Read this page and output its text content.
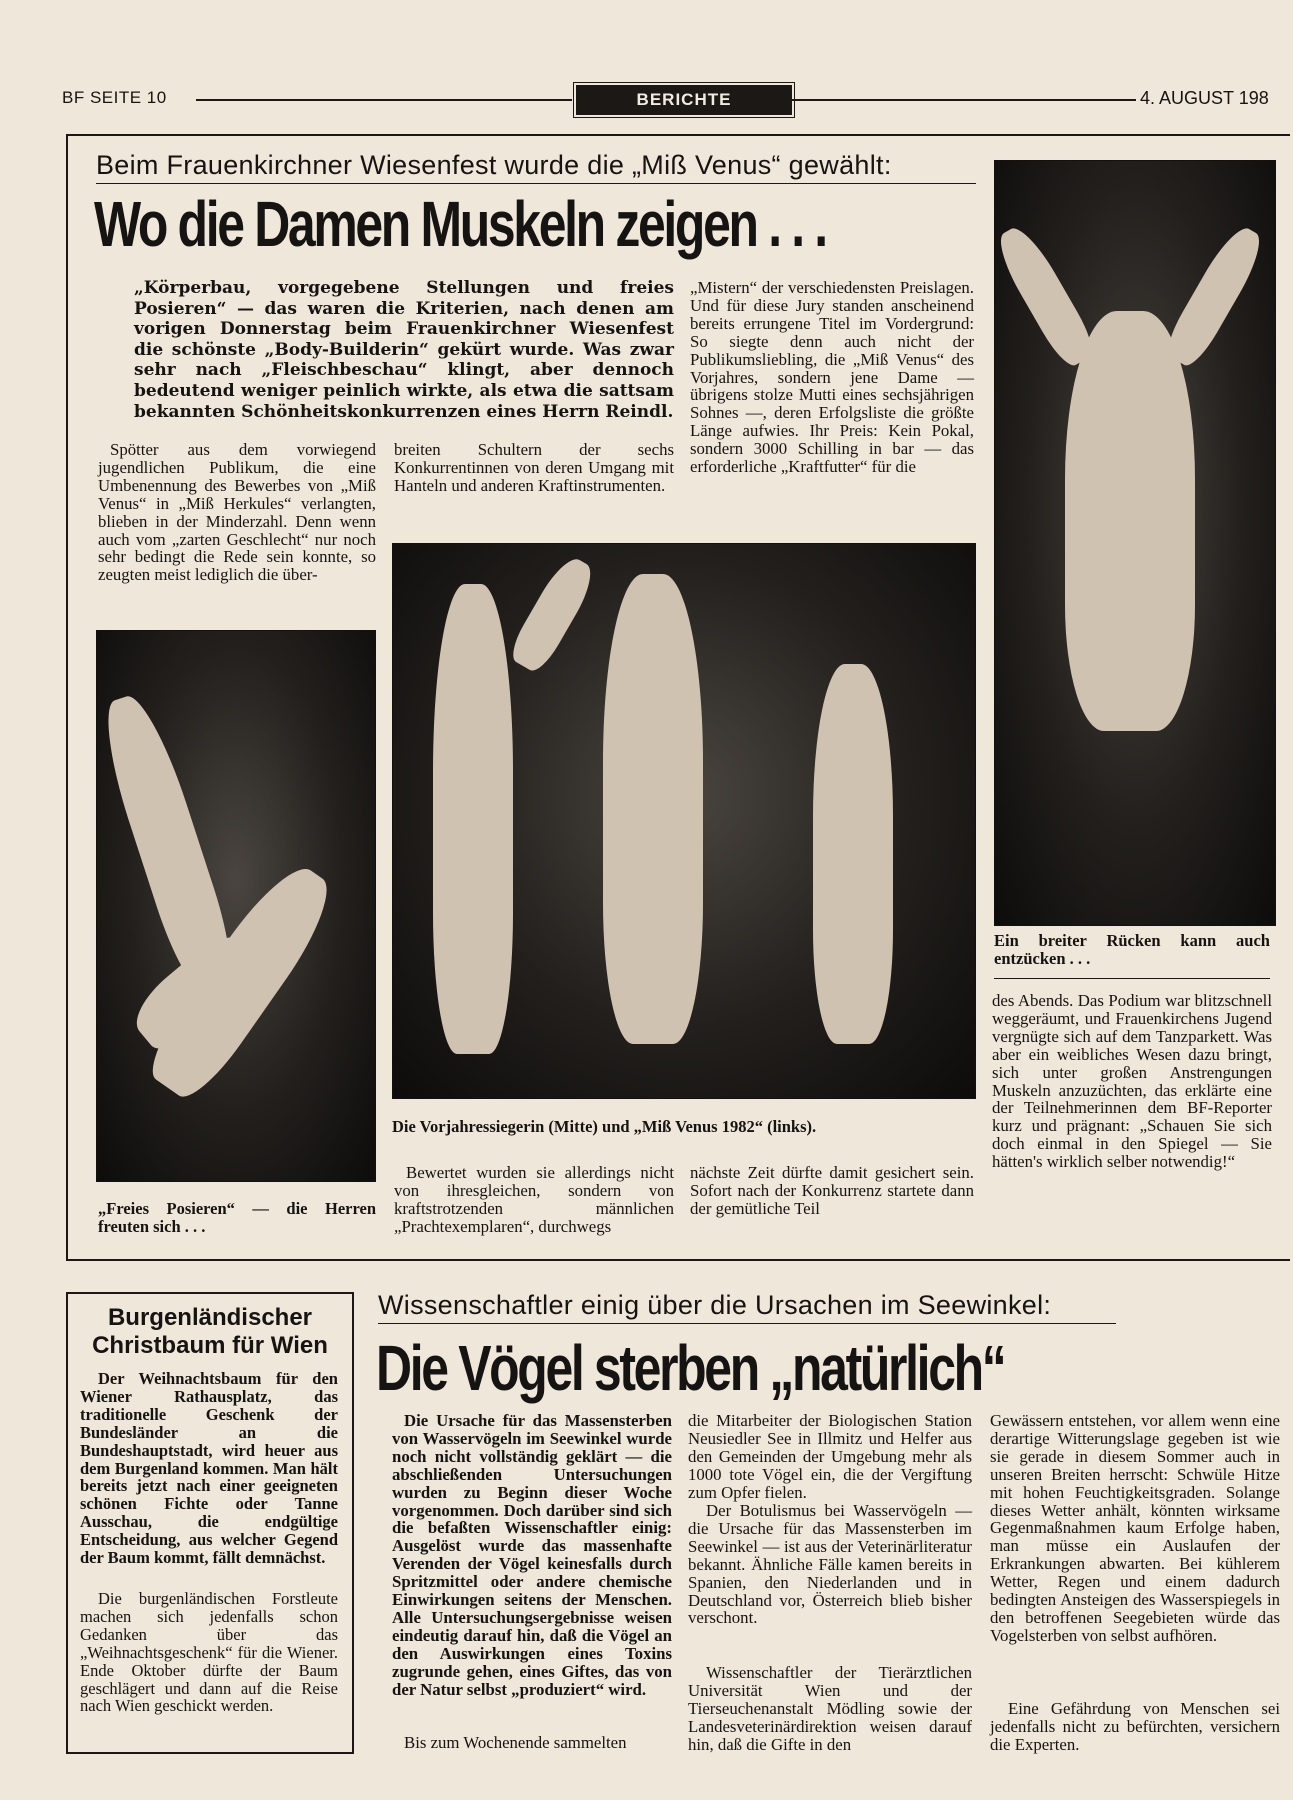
BF SEITE 10	BERICHTE	4. AUGUST 198
Beim Frauenkirchner Wiesenfest wurde die „Miß Venus“ gewählt:
Wo die Damen Muskeln zeigen . . .
„Körperbau, vorgegebene Stellungen und freies Posieren“ — das waren die Kriterien, nach denen am vorigen Donnerstag beim Frauenkirchner Wiesenfest die schönste „Body-Builderin“ gekürt wurde. Was zwar sehr nach „Fleischbeschau“ klingt, aber dennoch bedeutend weniger peinlich wirkte, als etwa die sattsam bekannten Schönheitskonkurrenzen eines Herrn Reindl.
Spötter aus dem vorwiegend jugendlichen Publikum, die eine Umbenennung des Bewerbes von „Miß Venus“ in „Miß Herkules“ verlangten, blieben in der Minderzahl. Denn wenn auch vom „zarten Geschlecht“ nur noch sehr bedingt die Rede sein konnte, so zeugten meist lediglich die über-
breiten Schultern der sechs Konkurrentinnen von deren Umgang mit Hanteln und anderen Kraftinstrumenten.
„Mistern“ der verschiedensten Preislagen. Und für diese Jury standen anscheinend bereits errungene Titel im Vordergrund: So siegte denn auch nicht der Publikumsliebling, die „Miß Venus“ des Vorjahres, sondern jene Dame — übrigens stolze Mutti eines sechsjährigen Sohnes —, deren Erfolgsliste die größte Länge aufwies. Ihr Preis: Kein Pokal, sondern 3000 Schilling in bar — das erforderliche „Kraftfutter“ für die
„Freies Posieren“ — die Herren freuten sich . . .
Die Vorjahressiegerin (Mitte) und „Miß Venus 1982“ (links).
Bewertet wurden sie allerdings nicht von ihresgleichen, sondern von kraftstrotzenden männlichen „Prachtexemplaren“, durchwegs
nächste Zeit dürfte damit gesichert sein. Sofort nach der Konkurrenz startete dann der gemütliche Teil
Ein breiter Rücken kann auch entzücken . . .
des Abends. Das Podium war blitzschnell weggeräumt, und Frauenkirchens Jugend vergnügte sich auf dem Tanzparkett. Was aber ein weibliches Wesen dazu bringt, sich unter großen Anstrengungen Muskeln anzuzüchten, das erklärte eine der Teilnehmerinnen dem BF-Reporter kurz und prägnant: „Schauen Sie sich doch einmal in den Spiegel — Sie hätten's wirklich selber notwendig!“
Burgenländischer Christbaum für Wien
Der Weihnachtsbaum für den Wiener Rathausplatz, das traditionelle Geschenk der Bundesländer an die Bundeshauptstadt, wird heuer aus dem Burgenland kommen. Man hält bereits jetzt nach einer geeigneten schönen Fichte oder Tanne Ausschau, die endgültige Entscheidung, aus welcher Gegend der Baum kommt, fällt demnächst.
Die burgenländischen Forstleute machen sich jedenfalls schon Gedanken über das „Weihnachtsgeschenk“ für die Wiener. Ende Oktober dürfte der Baum geschlägert und dann auf die Reise nach Wien geschickt werden.
Wissenschaftler einig über die Ursachen im Seewinkel:
Die Vögel sterben „natürlich“
Die Ursache für das Massensterben von Wasservögeln im Seewinkel wurde noch nicht vollständig geklärt — die abschließenden Untersuchungen wurden zu Beginn dieser Woche vorgenommen. Doch darüber sind sich die befaßten Wissenschaftler einig: Ausgelöst wurde das massenhafte Verenden der Vögel keinesfalls durch Spritzmittel oder andere chemische Einwirkungen seitens der Menschen. Alle Untersuchungsergebnisse weisen eindeutig darauf hin, daß die Vögel an den Auswirkungen eines Toxins zugrunde gehen, eines Giftes, das von der Natur selbst „produziert“ wird.
Bis zum Wochenende sammelten
die Mitarbeiter der Biologischen Station Neusiedler See in Illmitz und Helfer aus den Gemeinden der Umgebung mehr als 1000 tote Vögel ein, die der Vergiftung zum Opfer fielen.
Der Botulismus bei Wasservögeln — die Ursache für das Massensterben im Seewinkel — ist aus der Veterinärliteratur bekannt. Ähnliche Fälle kamen bereits in Spanien, den Niederlanden und in Deutschland vor, Österreich blieb bisher verschont.
Wissenschaftler der Tierärztlichen Universität Wien und der Tierseuchenanstalt Mödling sowie der Landesveterinärdirektion weisen darauf hin, daß die Gifte in den
Gewässern entstehen, vor allem wenn eine derartige Witterungslage gegeben ist wie sie gerade in diesem Sommer auch in unseren Breiten herrscht: Schwüle Hitze mit hohen Feuchtigkeitsgraden. Solange dieses Wetter anhält, könnten wirksame Gegenmaßnahmen kaum Erfolge haben, man müsse ein Auslaufen der Erkrankungen abwarten. Bei kühlerem Wetter, Regen und einem dadurch bedingten Ansteigen des Wasserspiegels in den betroffenen Seegebieten würde das Vogelsterben von selbst aufhören.
Eine Gefährdung von Menschen sei jedenfalls nicht zu befürchten, versichern die Experten.
